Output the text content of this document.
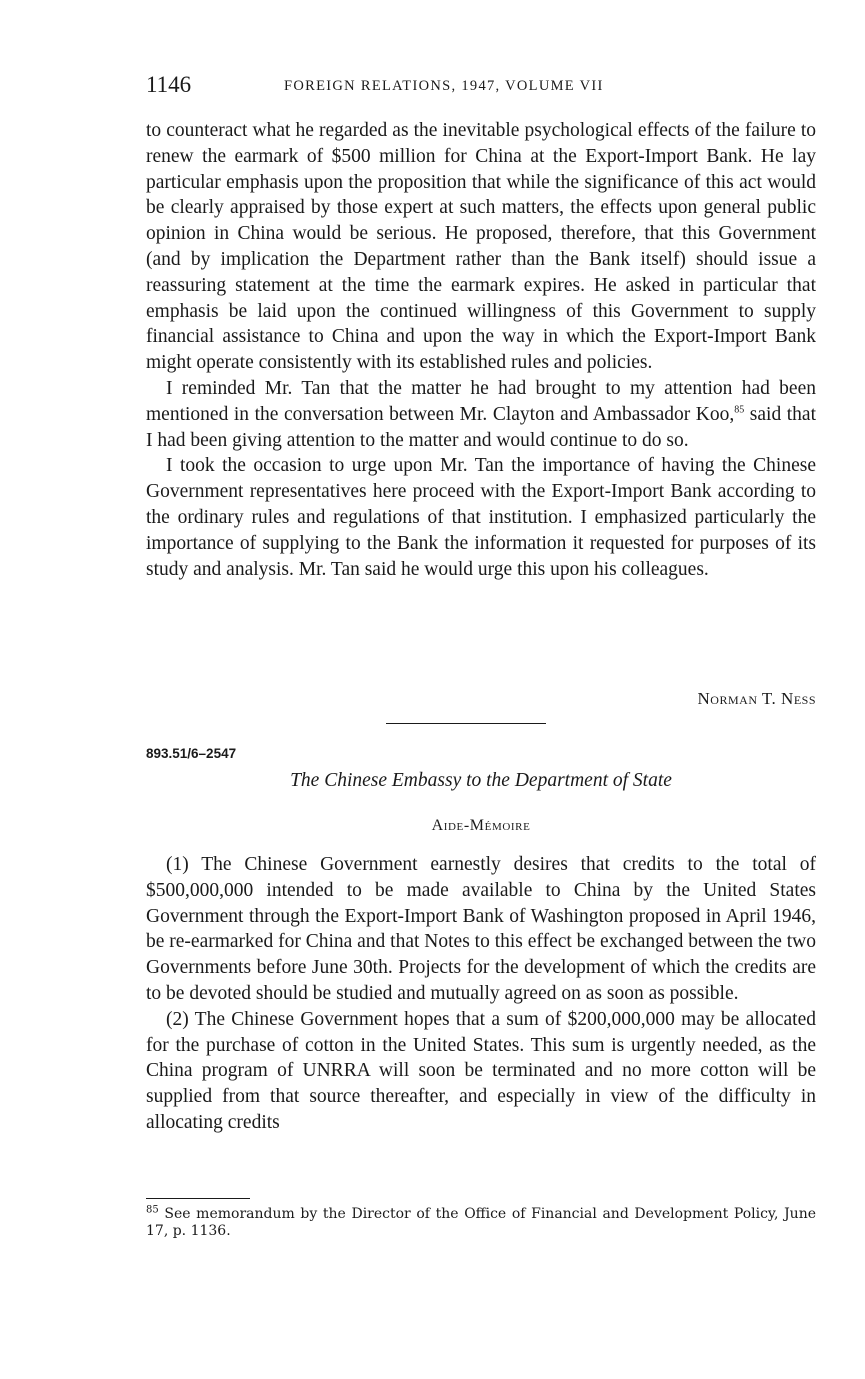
1146	FOREIGN RELATIONS, 1947, VOLUME VII

to counteract what he regarded as the inevitable psychological effects of the failure to renew the earmark of $500 million for China at the Export-Import Bank. He lay particular emphasis upon the proposition that while the significance of this act would be clearly appraised by those expert at such matters, the effects upon general public opinion in China would be serious. He proposed, therefore, that this Government (and by implication the Department rather than the Bank itself) should issue a reassuring statement at the time the earmark expires. He asked in particular that emphasis be laid upon the continued willingness of this Government to supply financial assistance to China and upon the way in which the Export-Import Bank might operate consistently with its established rules and policies.

I reminded Mr. Tan that the matter he had brought to my attention had been mentioned in the conversation between Mr. Clayton and Ambassador Koo,$^{85}$ said that I had been giving attention to the matter and would continue to do so.

I took the occasion to urge upon Mr. Tan the importance of having the Chinese Government representatives here proceed with the Export-Import Bank according to the ordinary rules and regulations of that institution. I emphasized particularly the importance of supplying to the Bank the information it requested for purposes of its study and analysis. Mr. Tan said he would urge this upon his colleagues.

Norman T. Ness
893.51/6–2547
The Chinese Embassy to the Department of State
Aide-Mémoire

(1) The Chinese Government earnestly desires that credits to the total of $500,000,000 intended to be made available to China by the United States Government through the Export-Import Bank of Washington proposed in April 1946, be re-earmarked for China and that Notes to this effect be exchanged between the two Governments before June 30th. Projects for the development of which the credits are to be devoted should be studied and mutually agreed on as soon as possible.

(2) The Chinese Government hopes that a sum of $200,000,000 may be allocated for the purchase of cotton in the United States. This sum is urgently needed, as the China program of UNRRA will soon be terminated and no more cotton will be supplied from that source thereafter, and especially in view of the difficulty in allocating credits

$^{85}$ See memorandum by the Director of the Office of Financial and Development Policy, June 17, p. 1136.
